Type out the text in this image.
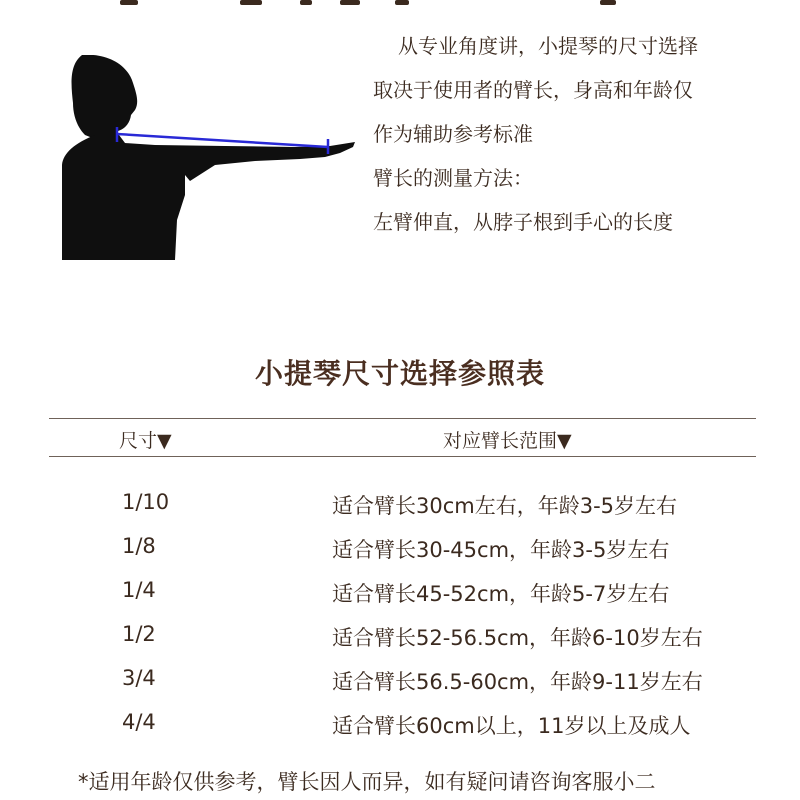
从专业角度讲，小提琴的尺寸选择

取决于使用者的臂长，身高和年龄仅

作为辅助参考标准

臂长的测量方法：

左臂伸直，从脖子根到手心的长度

小提琴尺寸选择参照表
尺寸▼	对应臂长范围▼
1/10	适合臂长30cm左右，年龄3-5岁左右
1/8	适合臂长30-45cm，年龄3-5岁左右
1/4	适合臂长45-52cm，年龄5-7岁左右
1/2	适合臂长52-56.5cm，年龄6-10岁左右
3/4	适合臂长56.5-60cm，年龄9-11岁左右
4/4	适合臂长60cm以上，11岁以上及成人
*适用年龄仅供参考，臂长因人而异，如有疑问请咨询客服小二
